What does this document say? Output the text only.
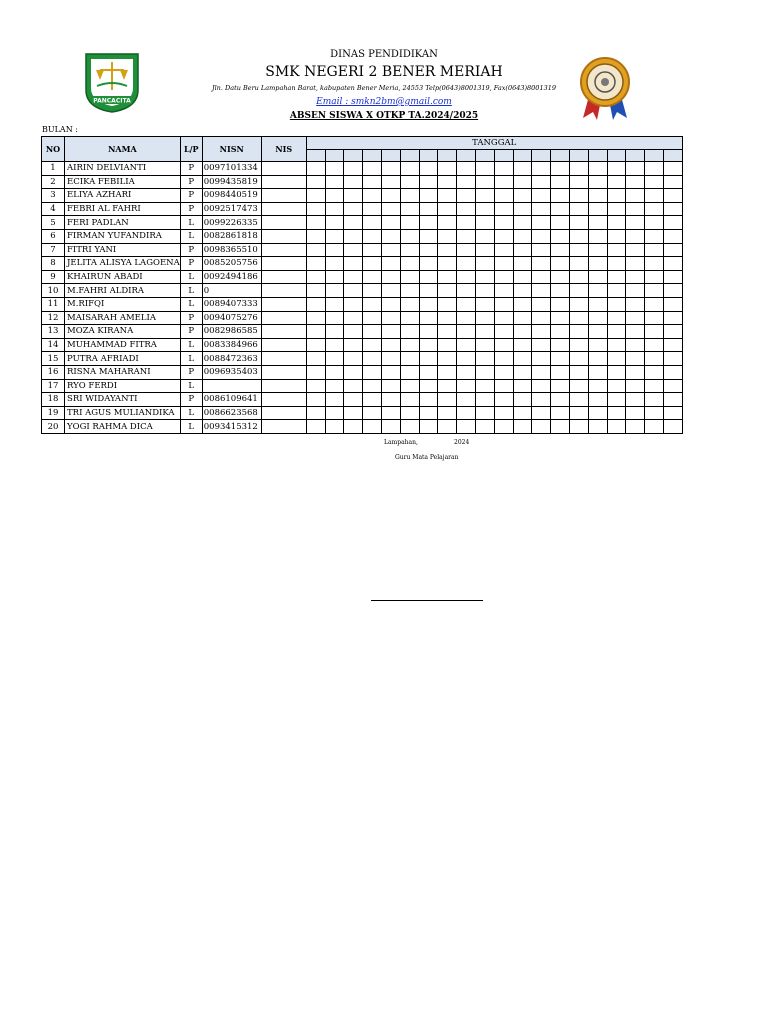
PANCACITA
DINAS PENDIDIKAN
SMK NEGERI 2 BENER MERIAH
Jln. Datu Beru Lampahan Barat, kabupaten Bener Meria, 24553 Telp(0643)8001319, Fax(0643)8001319
Email : smkn2bm@gmail.com
ABSEN SISWA X OTKP TA.2024/2025
BULAN :
NO	NAMA	L/P	NISN	NIS	TANGGAL																			

1	AIRIN DELVIANTI	P	0097101334																					
2	ECIKA FEBILIA	P	0099435819																					
3	ELIYA AZHARI	P	0098440519																					
4	FEBRI AL FAHRI	P	0092517473																					
5	FERI PADLAN	L	0099226335																					
6	FIRMAN YUFANDIRA	L	0082861818																					
7	FITRI YANI	P	0098365510																					
8	JELITA ALISYA LAGOENA	P	0085205756																					
9	KHAIRUN ABADI	L	0092494186																					
10	M.FAHRI ALDIRA	L	0																					
11	M.RIFQI	L	0089407333																					
12	MAISARAH AMELIA	P	0094075276																					
13	MOZA KIRANA	P	0082986585																					
14	MUHAMMAD FITRA	L	0083384966																					
15	PUTRA AFRIADI	L	0088472363																					
16	RISNA MAHARANI	P	0096935403																					
17	RYO FERDI	L																						
18	SRI WIDAYANTI	P	0086109641																					
19	TRI AGUS MULIANDIKA	L	0086623568																					
20	YOGI RAHMA DICA	L	0093415312																					
Lampahan,	2024
Guru Mata Pelajaran
